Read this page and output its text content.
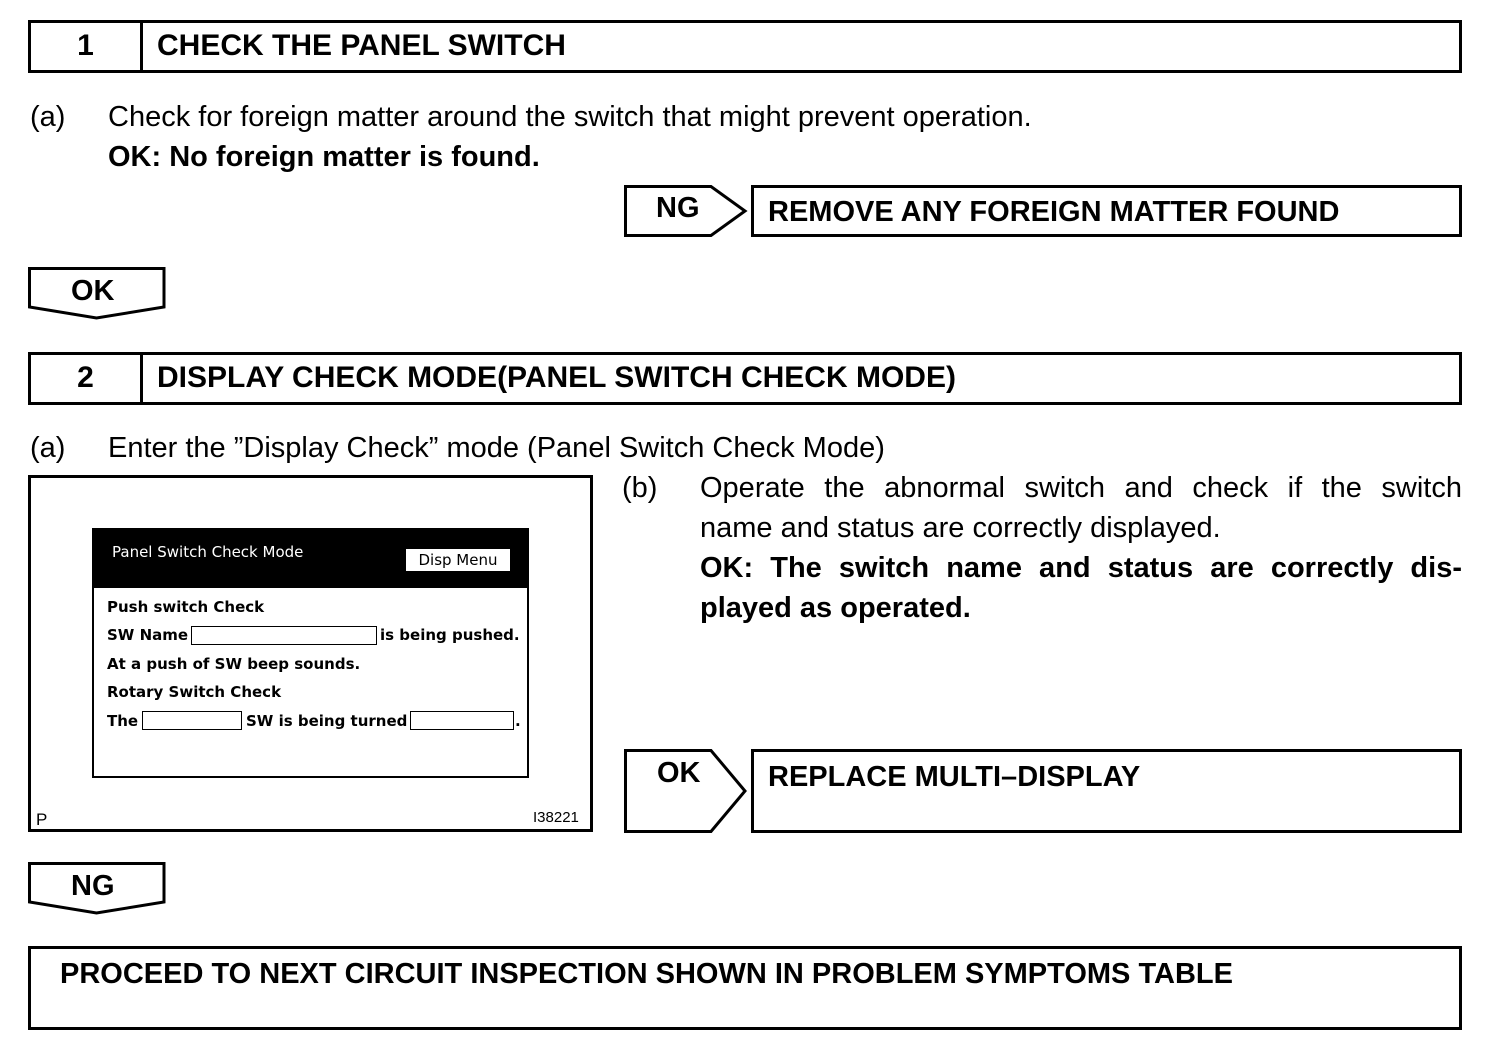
1	CHECK THE PANEL SWITCH
(a) Check for foreign matter around the switch that might prevent operation.
OK: No foreign matter is found.
NG REMOVE ANY FOREIGN MATTER FOUND
OK
2	DISPLAY CHECK MODE(PANEL SWITCH CHECK MODE)
(a) Enter the ”Display Check” mode (Panel Switch Check Mode)
Panel Switch Check Mode	Disp Menu
Push switch Check
SW Name	is being pushed.
At a push of SW beep sounds.
Rotary Switch Check
The	SW is being turned	.
P	I38221
(b) Operate the abnormal switch and check if the switch
name and status are correctly displayed.
OK: The switch name and status are correctly dis-
played as operated.
OK REPLACE MULTI–DISPLAY
NG
PROCEED TO NEXT CIRCUIT INSPECTION SHOWN IN PROBLEM SYMPTOMS TABLE
